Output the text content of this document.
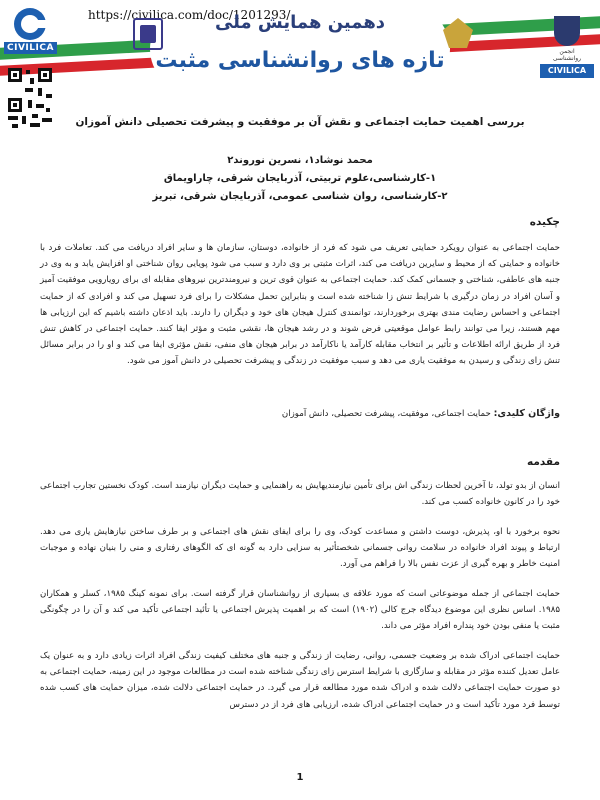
CIVILICA
https://civilica.com/doc/1201293/
دهمین همایش ملی
تازه های روانشناسی مثبت	انجمن روانشناسی
CIVILICA
بررسی اهمیت حمایت اجتماعی و نقش آن بر موفقیت و پیشرفت تحصیلی دانش آموزان
محمد نوشاد۱، نسرین نوروند۲
۱-کارشناسی،علوم تربیتی، آذربایجان شرقی، چاراویماق
۲-کارشناسی، روان شناسی عمومی، آذربایجان شرقی، تبریز
چکیده
حمایت اجتماعی به عنوان رویکرد حمایتی تعریف می شود که فرد از خانواده، دوستان، سازمان ها و سایر افراد دریافت می کند. تعاملات فرد با خانواده و حمایتی که از محیط و سایرین دریافت می کند، اثرات مثبتی بر وی دارد و سبب می شود پویایی روان شناختی او افزایش یابد و به وی در جنبه های عاطفی، شناختی و جسمانی کمک کند. حمایت اجتماعی به عنوان قوی ترین و نیرومندترین نیروهای مقابله ای برای رویارویی موفقیت آمیز و آسان افراد در زمان درگیری با شرایط تنش زا شناخته شده است و بنابراین تحمل مشکلات را برای فرد تسهیل می کند و افرادی که از حمایت اجتماعی و احساس رضایت مندی بهتری برخوردارند، توانمندی کنترل هیجان های خود و دیگران را دارند. باید اذعان داشته باشیم که این ارزیابی ها مهم هستند، زیرا می توانند رابط عوامل موقعیتی فرض شوند و در رشد هیجان ها، نقشی مثبت و مؤثر ایفا کنند. حمایت اجتماعی در کاهش تنش فرد از طریق ارائه اطلاعات و تأثیر بر انتخاب مقابله کارآمد یا ناکارآمد در برابر هیجان های منفی، نقش مؤثری ایفا می کند و او را در برابر مسائل تنش زای زندگی و رسیدن به موفقیت یاری می دهد و سبب موفقیت در زندگی و پیشرفت تحصیلی در دانش آموز می شود.
واژگان کلیدی: حمایت اجتماعی، موفقیت، پیشرفت تحصیلی، دانش آموزان
مقدمه
انسان از بدو تولد، تا آخرین لحظات زندگی اش برای تأمین نیازمندیهایش به راهنمایی و حمایت دیگران نیازمند است. کودک نخستین تجارب اجتماعی خود را در کانون خانواده کسب می کند.
نحوه برخورد با او، پذیرش، دوست داشتن و مساعدت کودک، وی را برای ایفای نقش های اجتماعی و بر طرف ساختن نیازهایش یاری می دهد. ارتباط و پیوند افراد خانواده در سلامت روانی جسمانی شخصتأثیر به سزایی دارد به گونه ای که الگوهای رفتاری و منی را بنیان نهاده و موجبات امنیت خاطر و بهره گیری از عزت نفس بالا را فراهم می آورد.
حمایت اجتماعی از جمله موضوعاتی است که مورد علاقه ی بسیاری از روانشناسان قرار گرفته است. برای نمونه کینگ ۱۹۸۵، کسلر و همکاران ۱۹۸۵. اساس نظری این موضوع دیدگاه جرج کالی (۱۹۰۲) است که بر اهمیت پذیرش اجتماعی یا تأئید اجتماعی تأکید می کند و آن را در چگونگی مثبت یا منفی بودن خود پنداره افراد مؤثر می داند.
حمایت اجتماعی ادراک شده بر وضعیت جسمی، روانی، رضایت از زندگی و جنبه های مختلف کیفیت زندگی افراد اثرات زیادی دارد و به عنوان یک عامل تعدیل کننده مؤثر در مقابله و سازگاری با شرایط استرس زای زندگی شناخته شده است در مطالعات موجود در این زمینه، حمایت اجتماعی به دو صورت حمایت اجتماعی دلالت شده و ادراک شده مورد مطالعه قرار می گیرد. در حمایت اجتماعی دلالت شده، میزان حمایت های کسب شده توسط فرد مورد تأکید است و در حمایت اجتماعی ادراک شده، ارزیابی های فرد از در دسترس
1
